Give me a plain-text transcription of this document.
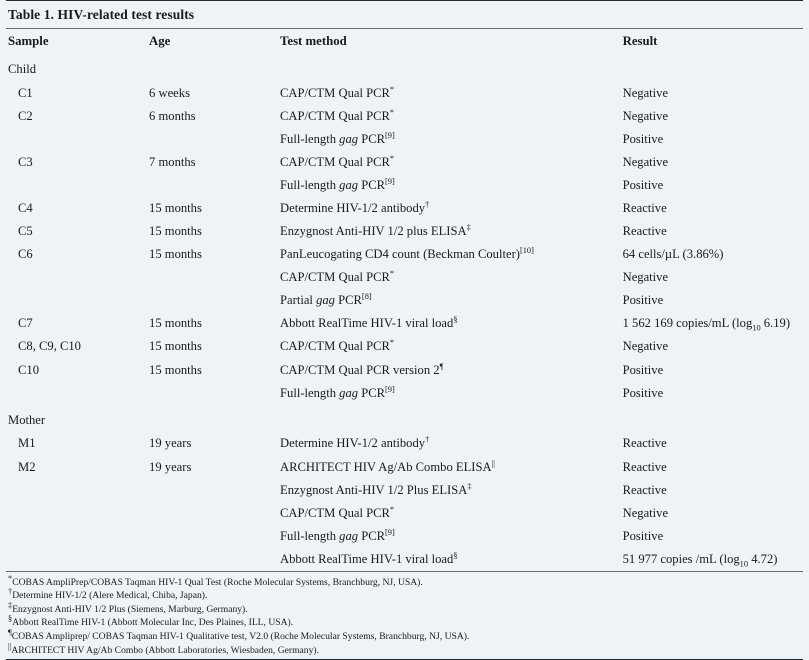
Table 1. HIV-related test results
Sample	Age	Test method	Result
Child			
C1	6 weeks	CAP/CTM Qual PCR*	Negative
C2	6 months	CAP/CTM Qual PCR*	Negative
		Full-length gag PCR[9]	Positive
C3	7 months	CAP/CTM Qual PCR*	Negative
		Full-length gag PCR[9]	Positive
C4	15 months	Determine HIV-1/2 antibody†	Reactive
C5	15 months	Enzygnost Anti-HIV 1/2 plus ELISA‡	Reactive
C6	15 months	PanLeucogating CD4 count (Beckman Coulter)[10]	64 cells/µL (3.86%)
		CAP/CTM Qual PCR*	Negative
		Partial gag PCR[8]	Positive
C7	15 months	Abbott RealTime HIV-1 viral load§	1 562 169 copies/mL ($\log_{10}$ 6.19)
C8, C9, C10	15 months	CAP/CTM Qual PCR*	Negative
C10	15 months	CAP/CTM Qual PCR version 2¶	Positive
		Full-length gag PCR[9]	Positive
Mother			
M1	19 years	Determine HIV-1/2 antibody†	Reactive
M2	19 years	ARCHITECT HIV Ag/Ab Combo ELISA||	Reactive
		Enzygnost Anti-HIV 1/2 Plus ELISA‡	Reactive
		CAP/CTM Qual PCR*	Negative
		Full-length gag PCR[9]	Positive
		Abbott RealTime HIV-1 viral load§	51 977 copies /mL ($\log_{10}$ 4.72)
*COBAS AmpliPrep/COBAS Taqman HIV-1 Qual Test (Roche Molecular Systems, Branchburg, NJ, USA).
†Determine HIV-1/2 (Alere Medical, Chiba, Japan).
‡Enzygnost Anti-HIV 1/2 Plus (Siemens, Marburg, Germany).
§Abbott RealTime HIV-1 (Abbott Molecular Inc, Des Plaines, ILL, USA).
¶COBAS Ampliprep/ COBAS Taqman HIV-1 Qualitative test, V2.0 (Roche Molecular Systems, Branchburg, NJ, USA).
||ARCHITECT HIV Ag/Ab Combo (Abbott Laboratories, Wiesbaden, Germany).
